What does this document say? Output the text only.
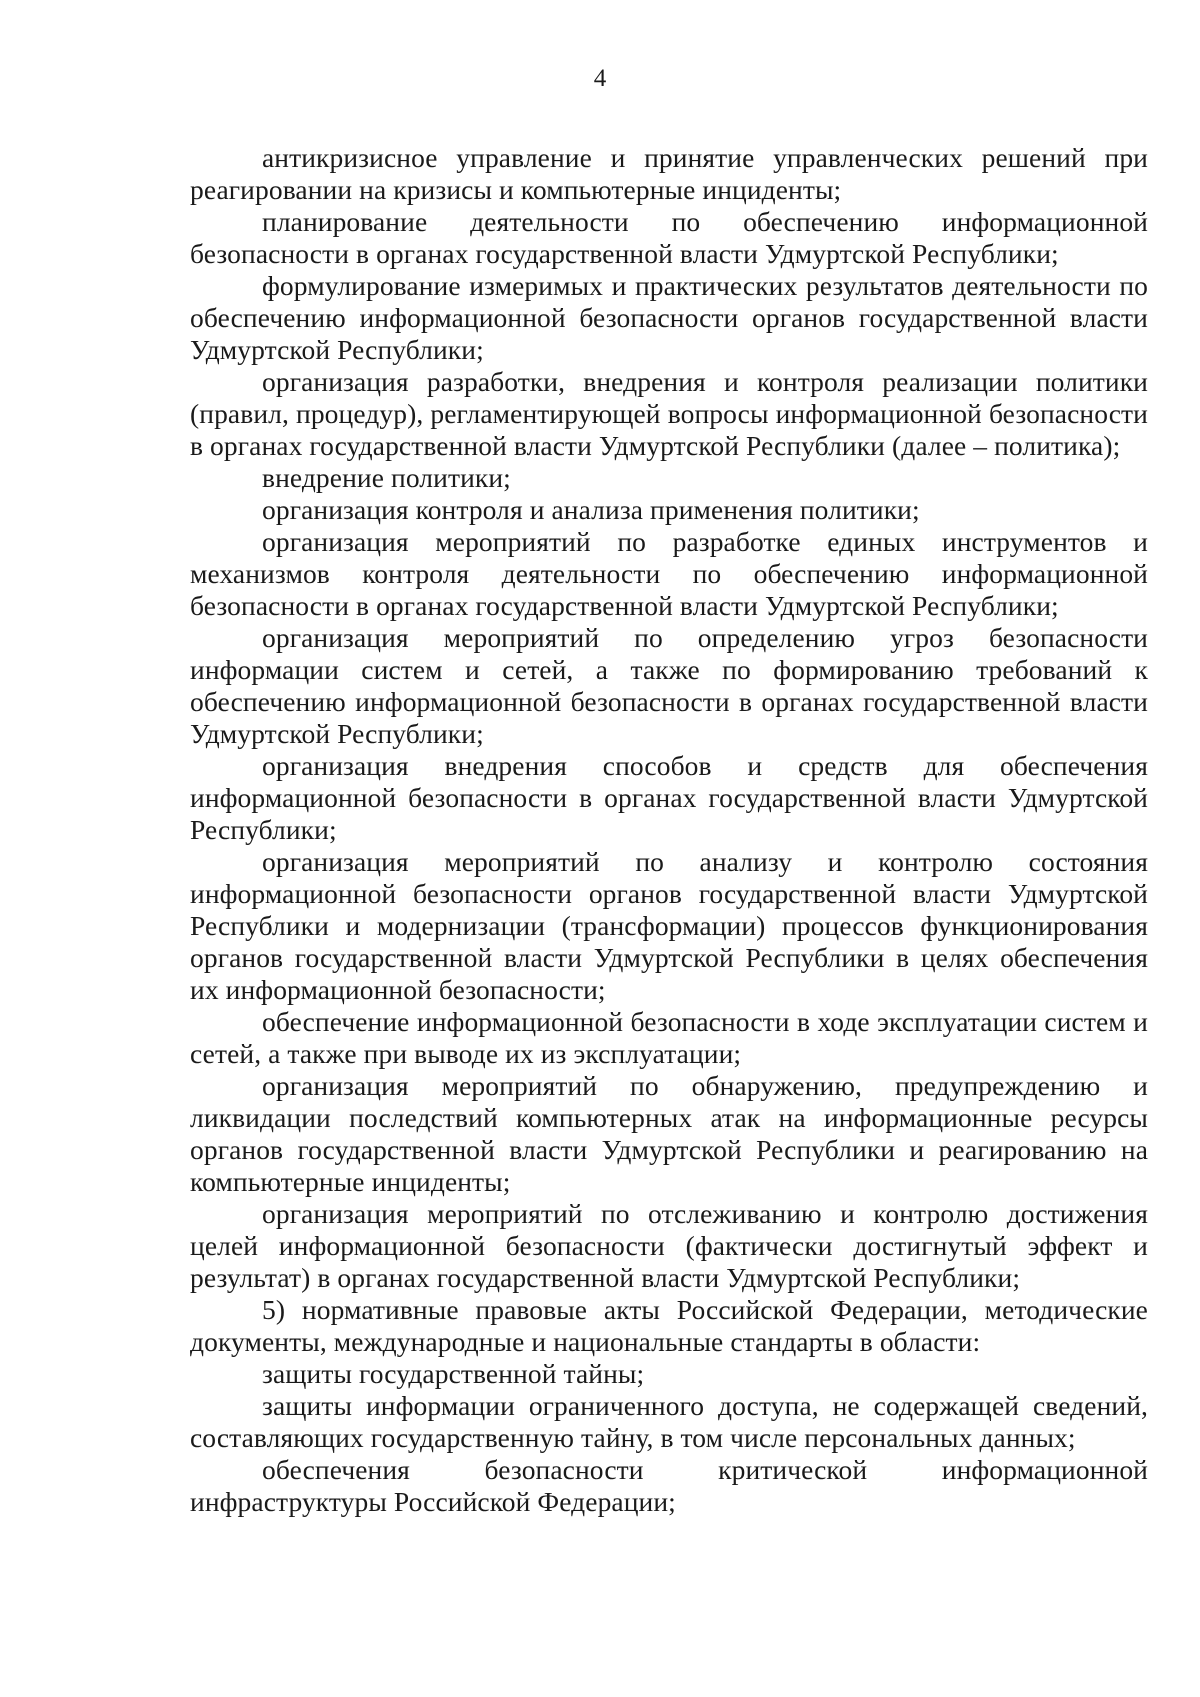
4

антикризисное управление и принятие управленческих решений при реагировании на кризисы и компьютерные инциденты;

планирование деятельности по обеспечению информационной безопасности в органах государственной власти Удмуртской Республики;

формулирование измеримых и практических результатов деятельности по обеспечению информационной безопасности органов государственной власти Удмуртской Республики;

организация разработки, внедрения и контроля реализации политики (правил, процедур), регламентирующей вопросы информационной безопасности в органах государственной власти Удмуртской Республики (далее – политика);

внедрение политики;

организация контроля и анализа применения политики;

организация мероприятий по разработке единых инструментов и механизмов контроля деятельности по обеспечению информационной безопасности в органах государственной власти Удмуртской Республики;

организация мероприятий по определению угроз безопасности информации систем и сетей, а также по формированию требований к обеспечению информационной безопасности в органах государственной власти Удмуртской Республики;

организация внедрения способов и средств для обеспечения информационной безопасности в органах государственной власти Удмуртской Республики;

организация мероприятий по анализу и контролю состояния информационной безопасности органов государственной власти Удмуртской Республики и модернизации (трансформации) процессов функционирования органов государственной власти Удмуртской Республики в целях обеспечения их информационной безопасности;

обеспечение информационной безопасности в ходе эксплуатации систем и сетей, а также при выводе их из эксплуатации;

организация мероприятий по обнаружению, предупреждению и ликвидации последствий компьютерных атак на информационные ресурсы органов государственной власти Удмуртской Республики и реагированию на компьютерные инциденты;

организация мероприятий по отслеживанию и контролю достижения целей информационной безопасности (фактически достигнутый эффект и результат) в органах государственной власти Удмуртской Республики;

5) нормативные правовые акты Российской Федерации, методические документы, международные и национальные стандарты в области:

защиты государственной тайны;

защиты информации ограниченного доступа, не содержащей сведений, составляющих государственную тайну, в том числе персональных данных;

обеспечения безопасности критической информационной инфраструктуры Российской Федерации;
